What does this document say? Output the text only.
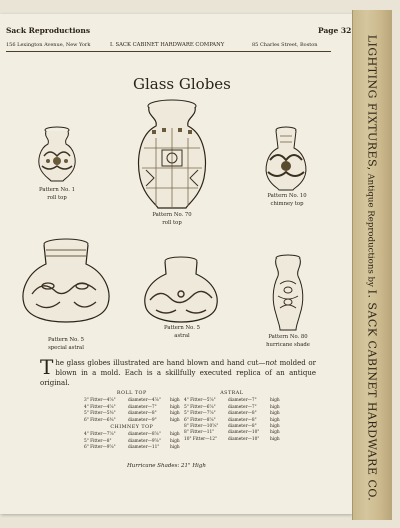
LIGHTING FIXTURES, Antique Reproductions by I. SACK CABINET HARDWARE CO.
Sack Reproductions	Page 32
156 Lexington Avenue, New York	I. SACK CABINET HARDWARE COMPANY	85 Charles Street, Boston
Glass Globes
Pattern No. 1
roll top
Pattern No. 70
roll top
Pattern No. 10
chimney top
Pattern No. 5
special astral
Pattern No. 5
astral	Pattern No. 80
hurricane shade
The glass globes illustrated are hand blown and hand cut—not molded or blown in a mold. Each is a skillfully executed replica of an antique original.
ROLL TOP
3" Fitter—4⅝"	diameter—4⅞"	high
4" Fitter—4⅝"	diameter—7"	high
5" Fitter—5⅜"	diameter—8"	high
6" Fitter—6⅜"	diameter—9"	high
CHIMNEY TOP
4" Fitter—7⅝"	diameter—8⅝"	high
5" Fitter—8"	diameter—9⅝"	high
6" Fitter—9⅝"	diameter—11"	high
ASTRAL
4" Fitter—5⅝"	diameter—7"	high
5" Fitter—6⅝"	diameter—7"	high
5" Fitter—7⅝"	diameter—8"	high
6" Fitter—8⅝"	diameter—8"	high
8" Fitter—10⅝"	diameter—8"	high
8" Fitter—11"	diameter—10"	high
10" Fitter—12"	diameter—10"	high
Hurricane Shades: 21" High
